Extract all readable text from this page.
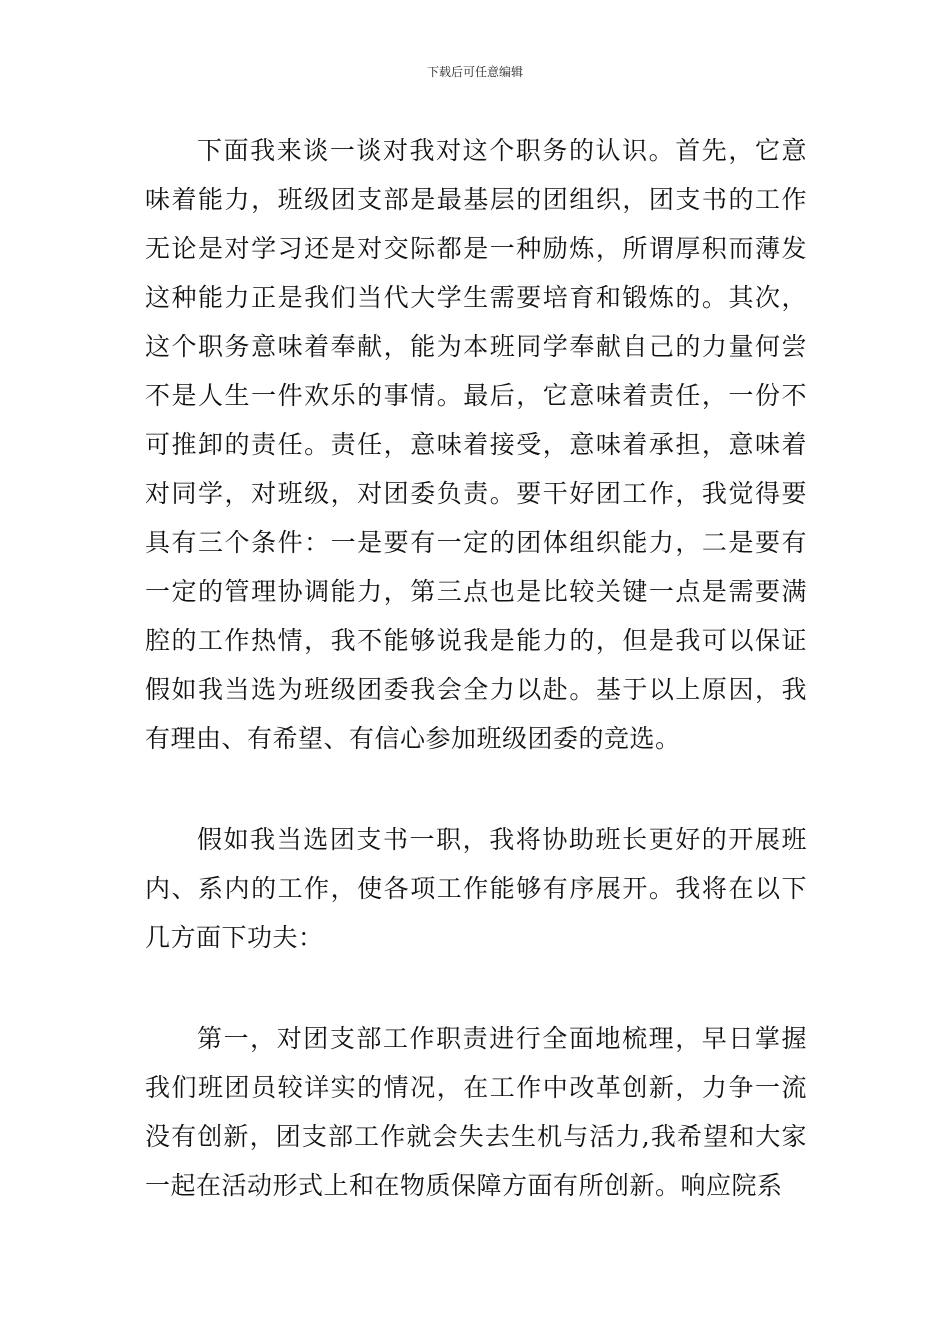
下载后可任意编辑

下面我来谈一谈对我对这个职务的认识。首先，它意味着能力，班级团支部是最基层的团组织，团支书的工作无论是对学习还是对交际都是一种励炼，所谓厚积而薄发这种能力正是我们当代大学生需要培育和锻炼的。其次，这个职务意味着奉献，能为本班同学奉献自己的力量何尝不是人生一件欢乐的事情。最后，它意味着责任，一份不可推卸的责任。责任，意味着接受，意味着承担，意味着对同学，对班级，对团委负责。要干好团工作，我觉得要具有三个条件：一是要有一定的团体组织能力，二是要有一定的管理协调能力，第三点也是比较关键一点是需要满腔的工作热情，我不能够说我是能力的，但是我可以保证假如我当选为班级团委我会全力以赴。基于以上原因，我有理由、有希望、有信心参加班级团委的竞选。

假如我当选团支书一职，我将协助班长更好的开展班内、系内的工作，使各项工作能够有序展开。我将在以下几方面下功夫：

第一，对团支部工作职责进行全面地梳理，早日掌握我们班团员较详实的情况，在工作中改革创新，力争一流没有创新，团支部工作就会失去生机与活力,我希望和大家一起在活动形式上和在物质保障方面有所创新。响应院系
